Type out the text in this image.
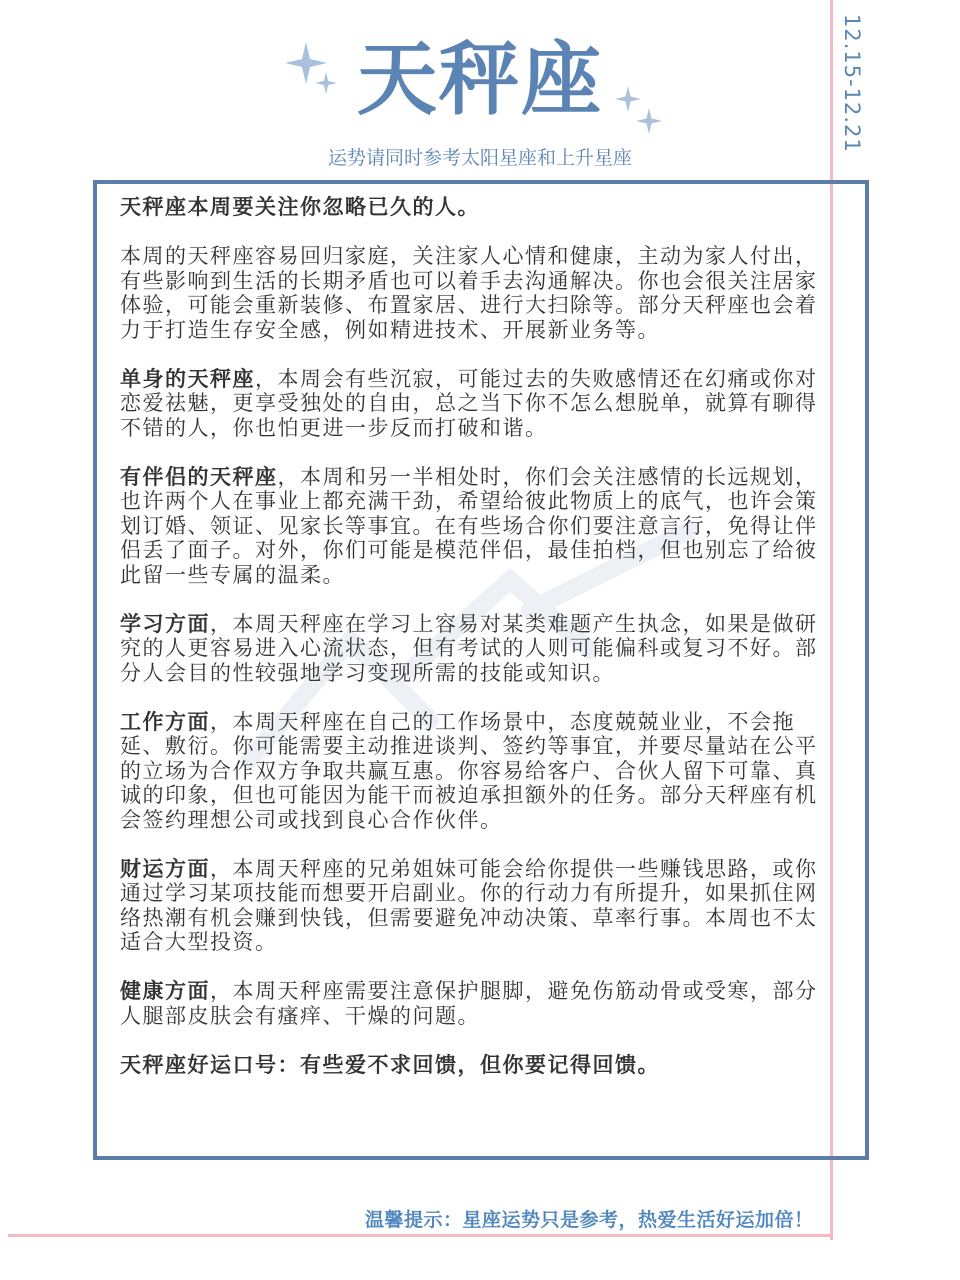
12.15-12.21
天秤座
运势请同时参考太阳星座和上升星座

天秤座本周要关注你忽略已久的人。

本周的天秤座容易回归家庭，关注家人心情和健康，主动为家人付出，有些影响到生活的长期矛盾也可以着手去沟通解决。你也会很关注居家体验，可能会重新装修、布置家居、进行大扫除等。部分天秤座也会着力于打造生存安全感，例如精进技术、开展新业务等。

单身的天秤座，本周会有些沉寂，可能过去的失败感情还在幻痛或你对恋爱祛魅，更享受独处的自由，总之当下你不怎么想脱单，就算有聊得不错的人，你也怕更进一步反而打破和谐。

有伴侣的天秤座，本周和另一半相处时，你们会关注感情的长远规划，也许两个人在事业上都充满干劲，希望给彼此物质上的底气，也许会策划订婚、领证、见家长等事宜。在有些场合你们要注意言行，免得让伴侣丢了面子。对外，你们可能是模范伴侣，最佳拍档，但也别忘了给彼此留一些专属的温柔。

学习方面，本周天秤座在学习上容易对某类难题产生执念，如果是做研究的人更容易进入心流状态，但有考试的人则可能偏科或复习不好。部分人会目的性较强地学习变现所需的技能或知识。

工作方面，本周天秤座在自己的工作场景中，态度兢兢业业，不会拖延、敷衍。你可能需要主动推进谈判、签约等事宜，并要尽量站在公平的立场为合作双方争取共赢互惠。你容易给客户、合伙人留下可靠、真诚的印象，但也可能因为能干而被迫承担额外的任务。部分天秤座有机会签约理想公司或找到良心合作伙伴。

财运方面，本周天秤座的兄弟姐妹可能会给你提供一些赚钱思路，或你通过学习某项技能而想要开启副业。你的行动力有所提升，如果抓住网络热潮有机会赚到快钱，但需要避免冲动决策、草率行事。本周也不太适合大型投资。

健康方面，本周天秤座需要注意保护腿脚，避免伤筋动骨或受寒，部分人腿部皮肤会有瘙痒、干燥的问题。

天秤座好运口号：有些爱不求回馈，但你要记得回馈。

温馨提示：星座运势只是参考，热爱生活好运加倍！
